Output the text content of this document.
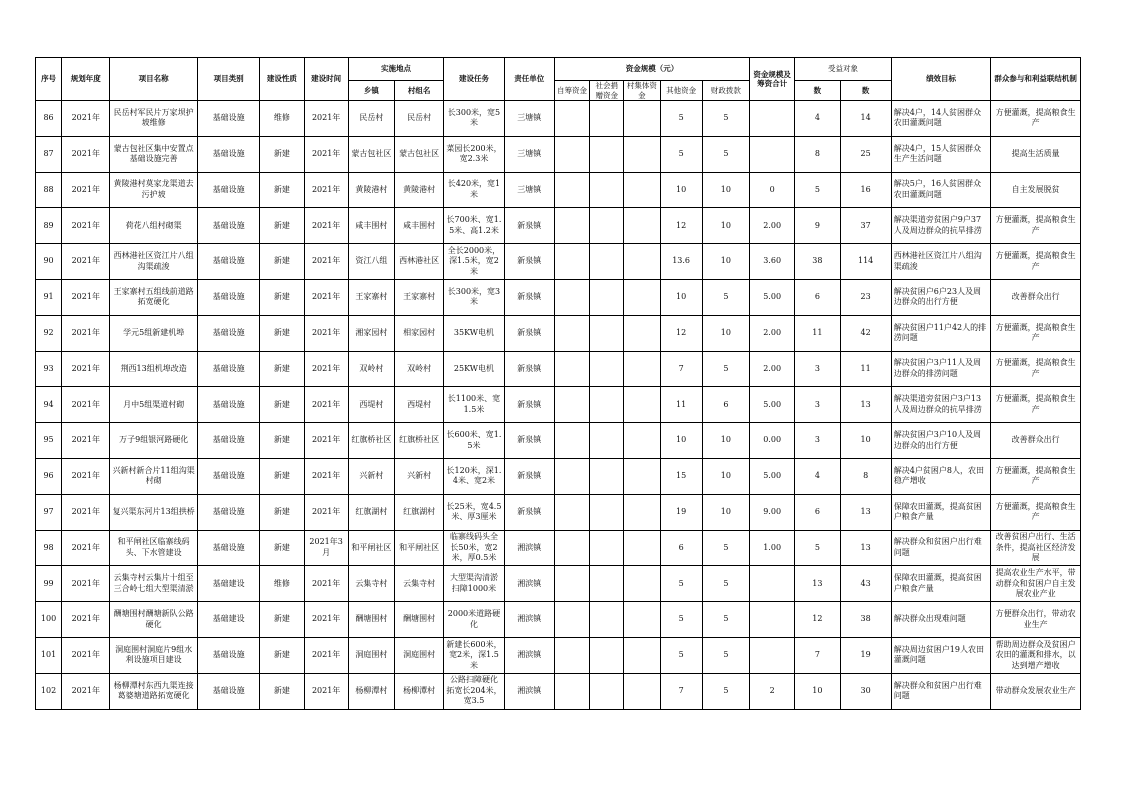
序号	规划年度	项目名称	项目类别	建设性质	建设时间	实施地点		建设任务	责任单位	资金规模（元）					资金规模及筹资合计	受益对象		绩效目标	群众参与和利益联结机制
						乡镇	村组名			自筹资金	社会捐赠资金	村集体资金	其他资金	财政拨款		数	数		
86	2021年	民岳村军民片万家坝护坡维修	基础设施	维修	2021年	民岳村	民岳村	长300米，宽5米	三塘镇				5	5		4	14	解决4户，14人贫困群众农田灌溉问题	方便灌溉，提高粮食生产
87	2021年	蒙古包社区集中安置点基础设施完善	基础设施	新建	2021年	蒙古包社区	蒙古包社区	菜园长200米，宽2.3米	三塘镇				5	5		8	25	解决4户，15人贫困群众生产生活问题	提高生活质量
88	2021年	黄陵港村莫家龙渠道去污护坡	基础设施	新建	2021年	黄陵港村	黄陵港村	长420米，宽1米	三塘镇				10	10	0	5	16	解决5户，16人贫困群众农田灌溉问题	自主发展脱贫
89	2021年	荷花八组村砌渠	基础设施	新建	2021年	咸丰围村	咸丰围村	长700米、宽1.5米、高1.2米	新泉镇				12	10	2.00	9	37	解决渠道旁贫困户9户37人及周边群众的抗旱排涝	方便灌溉，提高粮食生产
90	2021年	西林港社区资江片八组沟渠疏浚	基础设施	新建	2021年	资江八组	西林港社区	全长2000米，深1.5米，宽2米	新泉镇				13.6	10	3.60	38	114	西林港社区资江片八组沟渠疏浚	方便灌溉，提高粮食生产
91	2021年	王家寨村五组线前道路拓宽硬化	基础设施	新建	2021年	王家寨村	王家寨村	长300米，宽3米	新泉镇				10	5	5.00	6	23	解决贫困户6户23人及周边群众的出行方便	改善群众出行
92	2021年	学元5组新建机埠	基础设施	新建	2021年	湘家园村	相家园村	35KW电机	新泉镇				12	10	2.00	11	42	解决贫困户11户42人的排涝问题	方便灌溉，提高粮食生产
93	2021年	荆西13组机埠改造	基础设施	新建	2021年	双岭村	双岭村	25KW电机	新泉镇				7	5	2.00	3	11	解决贫困户3户11人及周边群众的排涝问题	方便灌溉，提高粮食生产
94	2021年	月中5组渠道村砌	基础设施	新建	2021年	西堤村	西堤村	长1100米、宽1.5米	新泉镇				11	6	5.00	3	13	解决渠道旁贫困户3户13人及周边群众的抗旱排涝	方便灌溉，提高粮食生产
95	2021年	万子9组银河路硬化	基础设施	新建	2021年	红旗桥社区	红旗桥社区	长600米、宽1.5米	新泉镇				10	10	0.00	3	10	解决贫困户3户10人及周边群众的出行方便	改善群众出行
96	2021年	兴新村新合片11组沟渠村砌	基础设施	新建	2021年	兴新村	兴新村	长120米，深1.4米、宽2米	新泉镇				15	10	5.00	4	8	解决4户贫困户8人，农田稳产增收	方便灌溉，提高粮食生产
97	2021年	复兴渠东河片13组拱桥	基础设施	新建	2021年	红旗湖村	红旗湖村	长25米，宽4.5米、厚3厘米	新泉镇				19	10	9.00	6	13	保障农田灌溉，提高贫困户粮食产量	方便灌溉，提高粮食生产
98	2021年	和平闸社区临寨线码头、下水管建设	基础设施	新建	2021年3月	和平闸社区	和平闸社区	临寨线码头全长50米，宽2米，厚0.5米	湘滨镇				6	5	1.00	5	13	解决群众和贫困户出行难问题	改善贫困户出行、生活条件，提高社区经济发展
99	2021年	云集寺村云集片十组至三合岭七组大型渠清淤	基础建设	维修	2021年	云集寺村	云集寺村	大型渠沟清淤扫障1000米	湘滨镇				5	5		13	43	保障农田灌溉，提高贫困户粮食产量	提高农业生产水平，带动群众和贫困户自主发展农业产业
100	2021年	酬塘围村酬塘新队公路硬化	基础建设	新建	2021年	酬塘围村	酬塘围村	2000米道路硬化	湘滨镇				5	5		12	38	解决群众出现难问题	方便群众出行，带动农业生产
101	2021年	洞庭围村洞庭片9组水利设施项目建设	基础设施	新建	2021年	洞庭围村	洞庭围村	新建长600米，宽2米，深1.5米	湘滨镇				5	5		7	19	解决周边贫困户19人农田灌溉问题	帮助周边群众及贫困户农田的灌溉和排水，以达到增产增收
102	2021年	杨柳潭村东西九渠连接葛婆塘道路拓宽硬化	基础设施	新建	2021年	杨柳潭村	杨柳潭村	公路扫障硬化拓宽长204米，宽3.5	湘滨镇				7	5	2	10	30	解决群众和贫困户出行难问题	带动群众发展农业生产
